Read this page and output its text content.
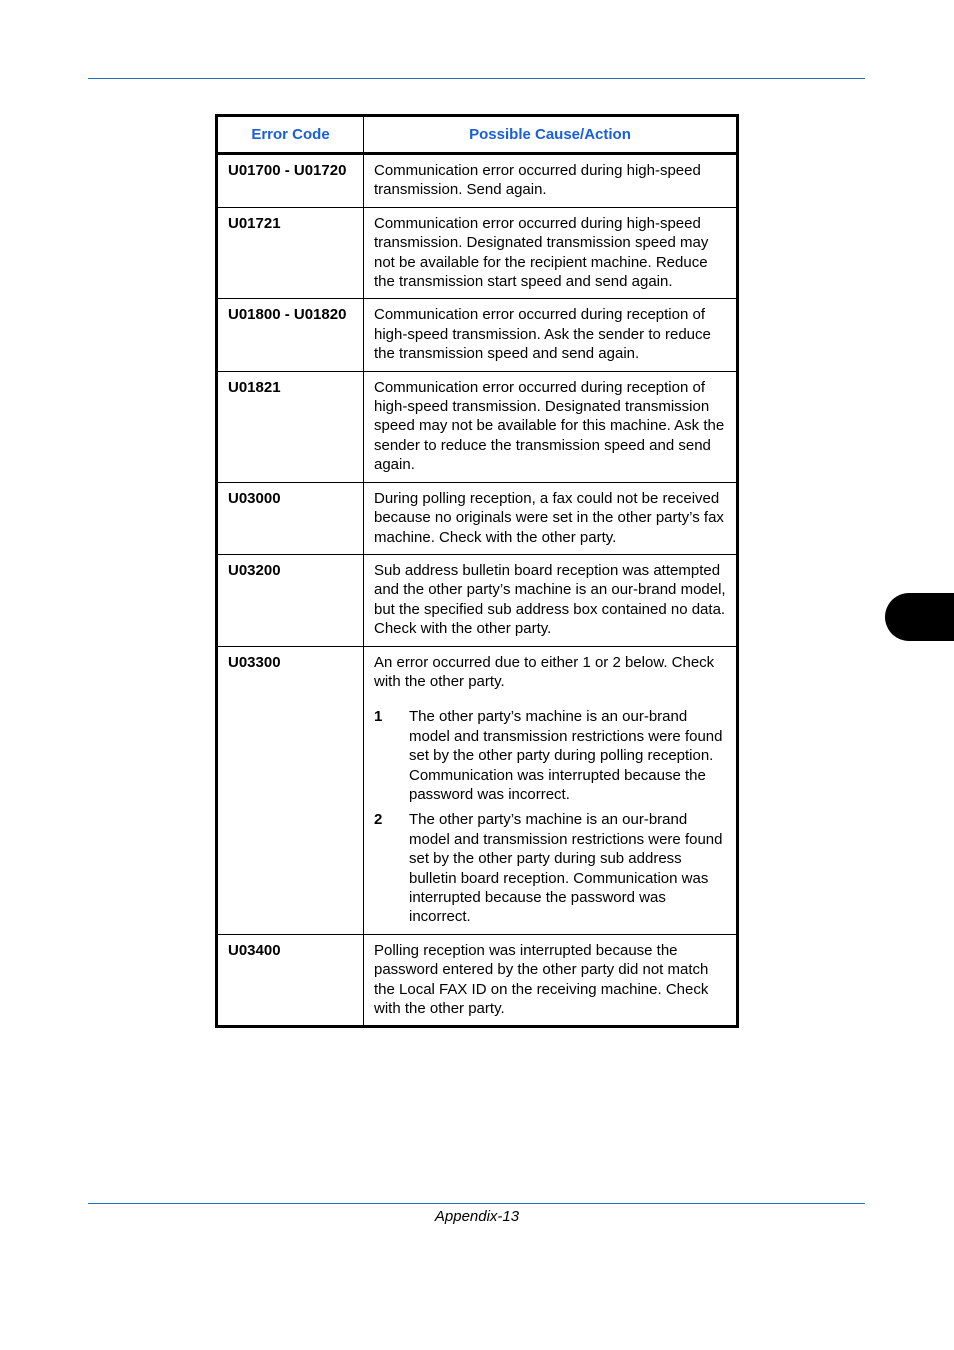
Error Code	Possible Cause/Action
U01700 - U01720	Communication error occurred during high-speed transmission. Send again.
U01721	Communication error occurred during high-speed transmission. Designated transmission speed may not be available for the recipient machine. Reduce the transmission start speed and send again.
U01800 - U01820	Communication error occurred during reception of high-speed transmission. Ask the sender to reduce the transmission speed and send again.
U01821	Communication error occurred during reception of high-speed transmission. Designated transmission speed may not be available for this machine. Ask the sender to reduce the transmission speed and send again.
U03000	During polling reception, a fax could not be received because no originals were set in the other party’s fax machine. Check with the other party.
U03200	Sub address bulletin board reception was attempted and the other party’s machine is an our-brand model, but the specified sub address box contained no data. Check with the other party.
U03300	An error occurred due to either 1 or 2 below. Check with the other party.
1 The other party’s machine is an our-brand model and transmission restrictions were found set by the other party during polling reception. Communication was interrupted because the password was incorrect.
2 The other party’s machine is an our-brand model and transmission restrictions were found set by the other party during sub address bulletin board reception. Communication was interrupted because the password was incorrect.

U03400	Polling reception was interrupted because the password entered by the other party did not match the Local FAX ID on the receiving machine. Check with the other party.
Appendix-13
